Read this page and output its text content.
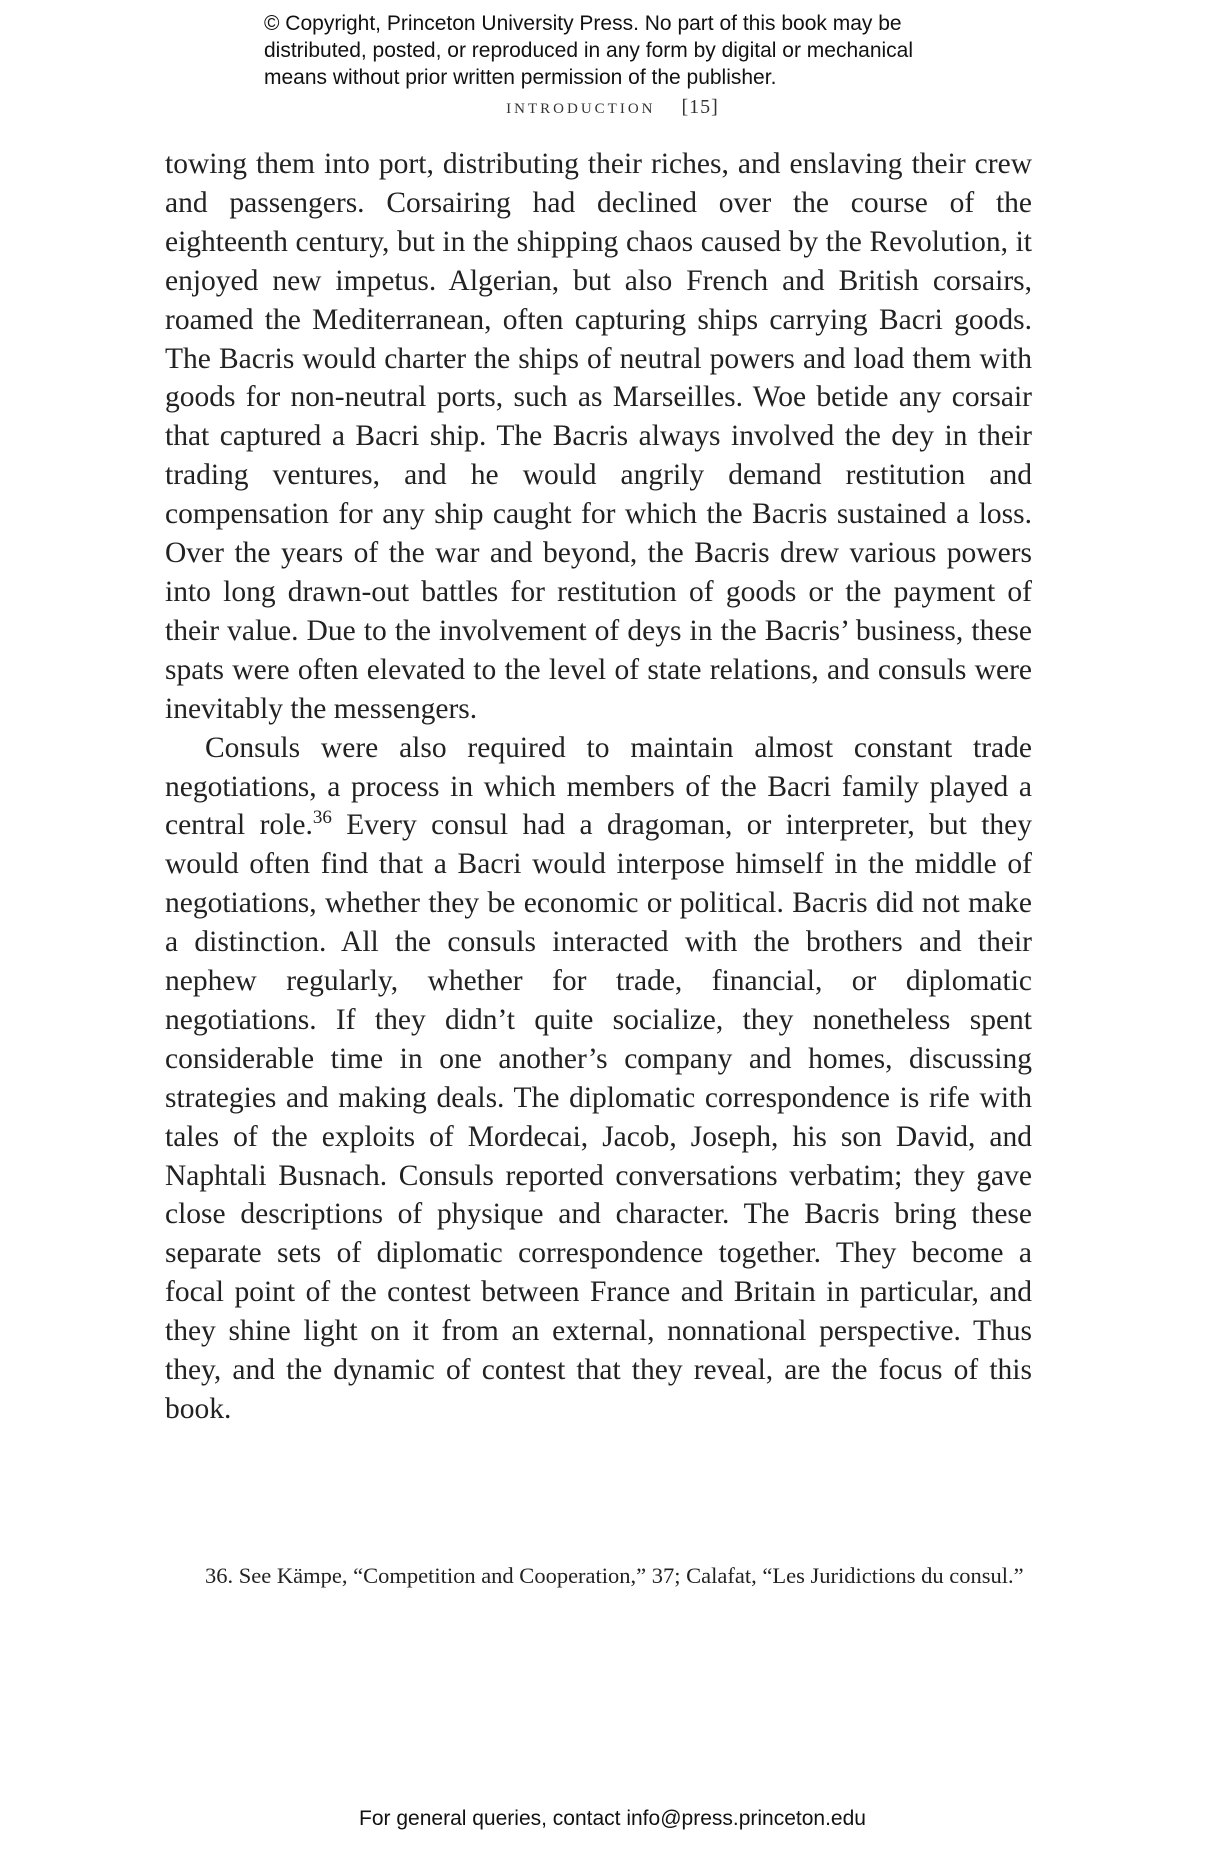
© Copyright, Princeton University Press. No part of this book may be
distributed, posted, or reproduced in any form by digital or mechanical
means without prior written permission of the publisher.
introduction [15]

towing them into port, distributing their riches, and enslaving their crew and passengers. Corsairing had declined over the course of the eighteenth century, but in the shipping chaos caused by the Revolution, it enjoyed new impetus. Algerian, but also French and British corsairs, roamed the Mediterranean, often capturing ships carrying Bacri goods. The Bacris would charter the ships of neutral powers and load them with goods for non-neutral ports, such as Marseilles. Woe betide any corsair that captured a Bacri ship. The Bacris always involved the dey in their trading ventures, and he would angrily demand restitution and compensation for any ship caught for which the Bacris sustained a loss. Over the years of the war and beyond, the Bacris drew various powers into long drawn-out battles for restitution of goods or the payment of their value. Due to the involvement of deys in the Bacris’ business, these spats were often elevated to the level of state relations, and consuls were inevitably the messengers.

Consuls were also required to maintain almost constant trade negotiations, a process in which members of the Bacri family played a central role.$^{36}$ Every consul had a dragoman, or interpreter, but they would often find that a Bacri would interpose himself in the middle of negotiations, whether they be economic or political. Bacris did not make a distinction. All the consuls interacted with the brothers and their nephew regularly, whether for trade, financial, or diplomatic negotiations. If they didn’t quite socialize, they nonetheless spent considerable time in one another’s company and homes, discussing strategies and making deals. The diplomatic correspondence is rife with tales of the exploits of Mordecai, Jacob, Joseph, his son David, and Naphtali Busnach. Consuls reported conversations verbatim; they gave close descriptions of physique and character. The Bacris bring these separate sets of diplomatic correspondence together. They become a focal point of the contest between France and Britain in particular, and they shine light on it from an external, nonnational perspective. Thus they, and the dynamic of contest that they reveal, are the focus of this book.

36. See Kämpe, “Competition and Cooperation,” 37; Calafat, “Les Juridictions du consul.”

For general queries, contact info@press.princeton.edu
